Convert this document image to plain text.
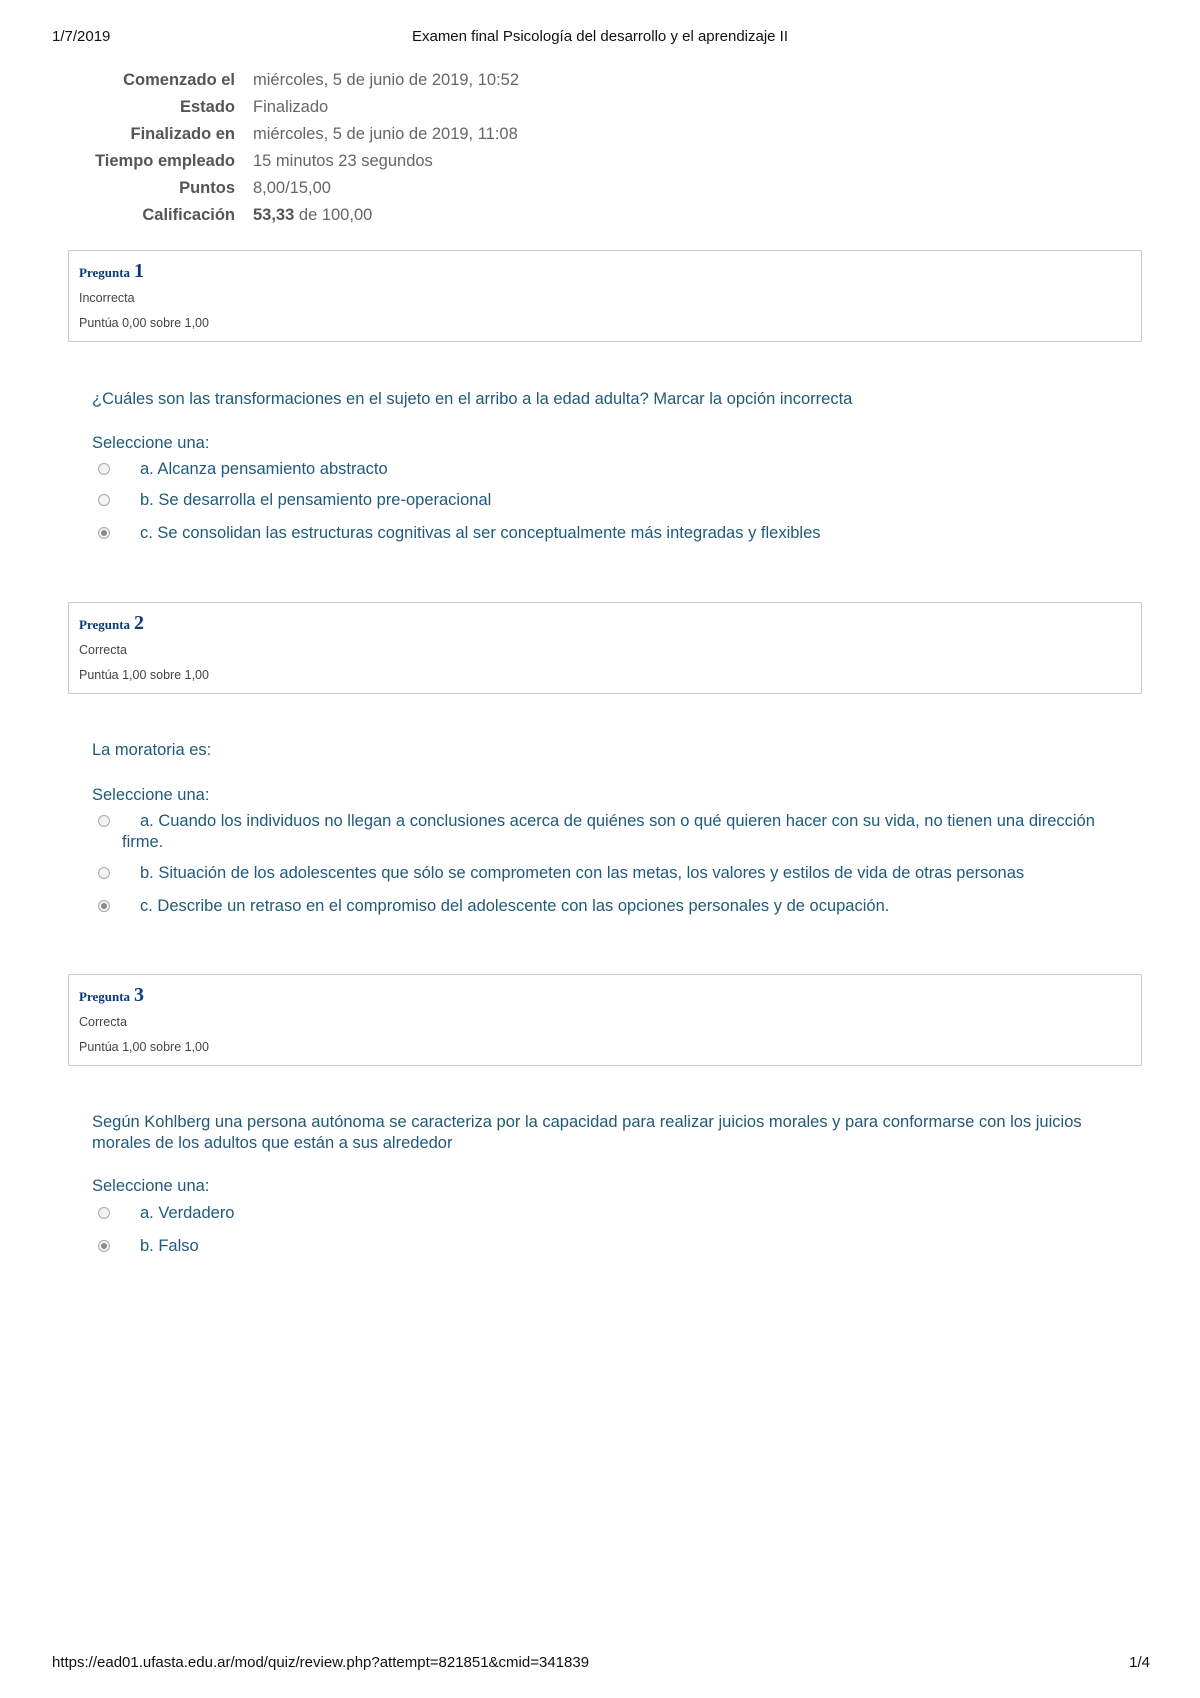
1/7/2019	Examen final Psicología del desarrollo y el aprendizaje II
Comenzado el miércoles, 5 de junio de 2019, 10:52
Estado Finalizado
Finalizado en miércoles, 5 de junio de 2019, 11:08
Tiempo empleado 15 minutos 23 segundos
Puntos 8,00/15,00
Calificación 53,33 de 100,00
Pregunta 1
Incorrecta
Puntúa 0,00 sobre 1,00
¿Cuáles son las transformaciones en el sujeto en el arribo a la edad adulta? Marcar la opción incorrecta
Seleccione una:
a. Alcanza pensamiento abstracto
b. Se desarrolla el pensamiento pre-operacional
c. Se consolidan las estructuras cognitivas al ser conceptualmente más integradas y flexibles
Pregunta 2
Correcta
Puntúa 1,00 sobre 1,00
La moratoria es:
Seleccione una:
a. Cuando los individuos no llegan a conclusiones acerca de quiénes son o qué quieren hacer con su vida, no tienen una dirección firme.
b. Situación de los adolescentes que sólo se comprometen con las metas, los valores y estilos de vida de otras personas
c. Describe un retraso en el compromiso del adolescente con las opciones personales y de ocupación.
Pregunta 3
Correcta
Puntúa 1,00 sobre 1,00
Según Kohlberg una persona autónoma se caracteriza por la capacidad para realizar juicios morales y para conformarse con los juicios morales de los adultos que están a sus alrededor
Seleccione una:
a. Verdadero
b. Falso
https://ead01.ufasta.edu.ar/mod/quiz/review.php?attempt=821851&cmid=341839	1/4
